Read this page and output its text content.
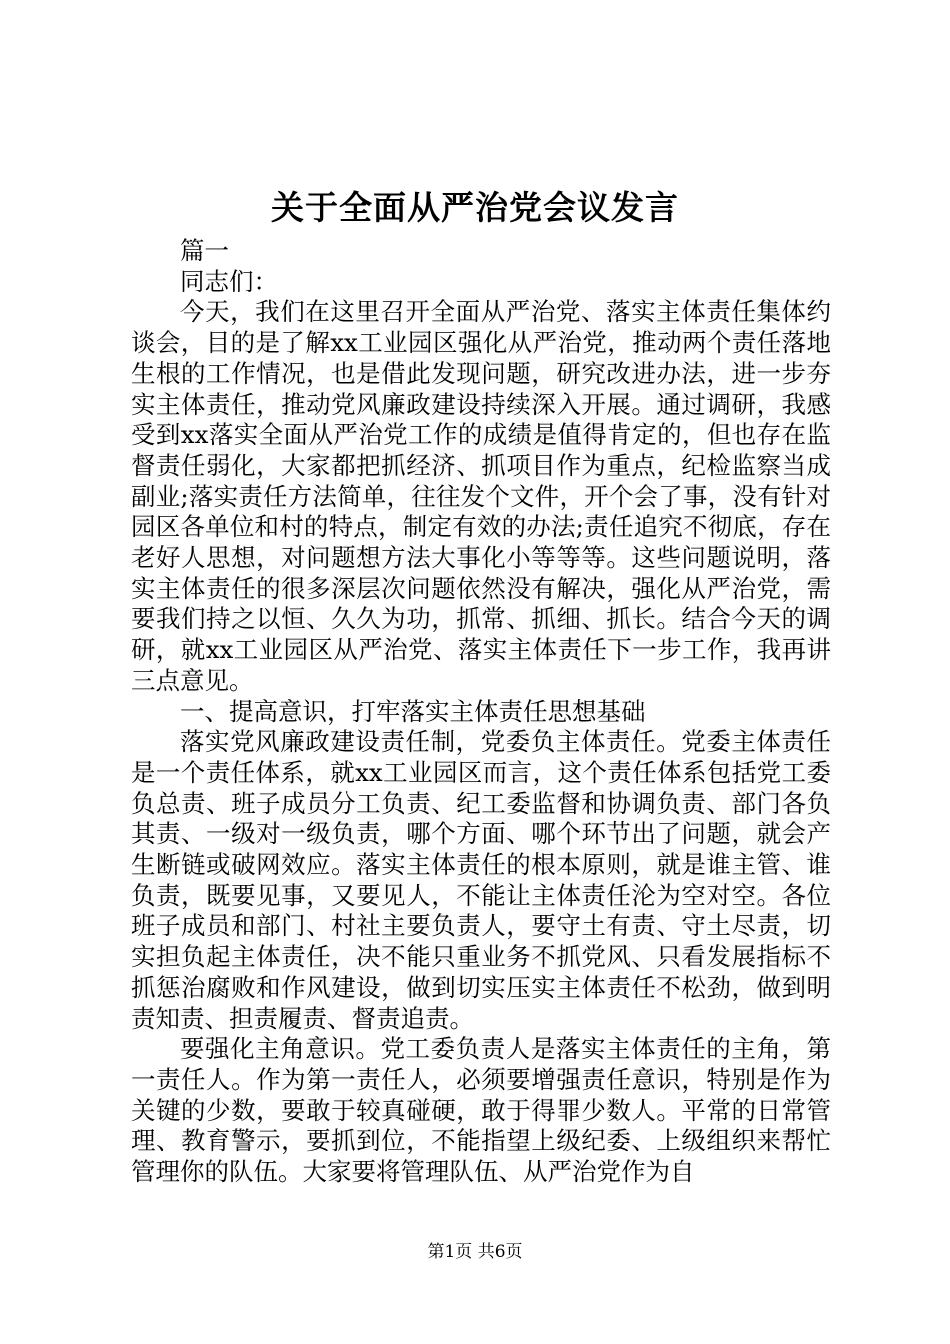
关于全面从严治党会议发言

篇一

同志们：

今天，我们在这里召开全面从严治党、落实主体责任集体约谈会，目的是了解xx工业园区强化从严治党，推动两个责任落地生根的工作情况，也是借此发现问题，研究改进办法，进一步夯实主体责任，推动党风廉政建设持续深入开展。通过调研，我感受到xx落实全面从严治党工作的成绩是值得肯定的，但也存在监督责任弱化，大家都把抓经济、抓项目作为重点，纪检监察当成副业;落实责任方法简单，往往发个文件，开个会了事，没有针对园区各单位和村的特点，制定有效的办法;责任追究不彻底，存在老好人思想，对问题想方法大事化小等等等。这些问题说明，落实主体责任的很多深层次问题依然没有解决，强化从严治党，需要我们持之以恒、久久为功，抓常、抓细、抓长。结合今天的调研，就xx工业园区从严治党、落实主体责任下一步工作，我再讲三点意见。

一、提高意识，打牢落实主体责任思想基础

落实党风廉政建设责任制，党委负主体责任。党委主体责任是一个责任体系，就xx工业园区而言，这个责任体系包括党工委负总责、班子成员分工负责、纪工委监督和协调负责、部门各负其责、一级对一级负责，哪个方面、哪个环节出了问题，就会产生断链或破网效应。落实主体责任的根本原则，就是谁主管、谁负责，既要见事，又要见人，不能让主体责任沦为空对空。各位班子成员和部门、村社主要负责人，要守土有责、守土尽责，切实担负起主体责任，决不能只重业务不抓党风、只看发展指标不抓惩治腐败和作风建设，做到切实压实主体责任不松劲，做到明责知责、担责履责、督责追责。

要强化主角意识。党工委负责人是落实主体责任的主角，第一责任人。作为第一责任人，必须要增强责任意识，特别是作为关键的少数，要敢于较真碰硬，敢于得罪少数人。平常的日常管理、教育警示，要抓到位，不能指望上级纪委、上级组织来帮忙管理你的队伍。大家要将管理队伍、从严治党作为自

第1页 共6页
